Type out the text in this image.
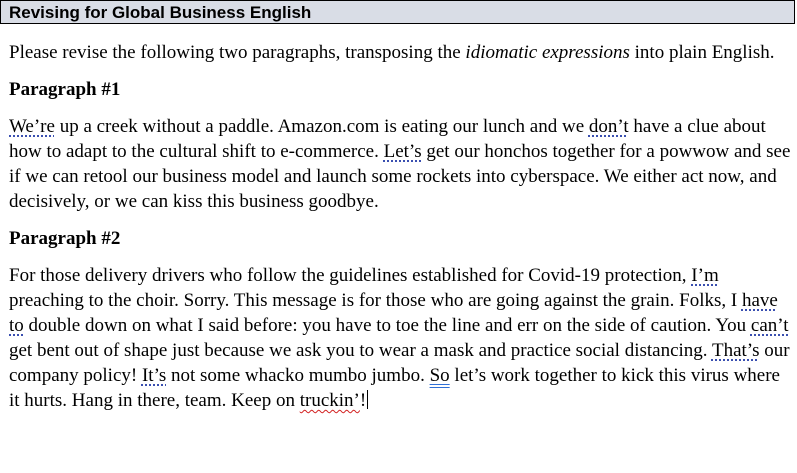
Revising for Global Business English

Please revise the following two paragraphs, transposing the idiomatic expressions into plain English.

Paragraph #1

We’re up a creek without a paddle. Amazon.com is eating our lunch and we don’t have a clue about how to adapt to the cultural shift to e-commerce. Let’s get our honchos together for a powwow and see if we can retool our business model and launch some rockets into cyberspace. We either act now, and decisively, or we can kiss this business goodbye.

Paragraph #2

For those delivery drivers who follow the guidelines established for Covid-19 protection, I’m preaching to the choir. Sorry. This message is for those who are going against the grain. Folks, I have to double down on what I said before: you have to toe the line and err on the side of caution. You can’t get bent out of shape just because we ask you to wear a mask and practice social distancing. That’s our company policy! It’s not some whacko mumbo jumbo. So let’s work together to kick this virus where it hurts. Hang in there, team. Keep on truckin’!
